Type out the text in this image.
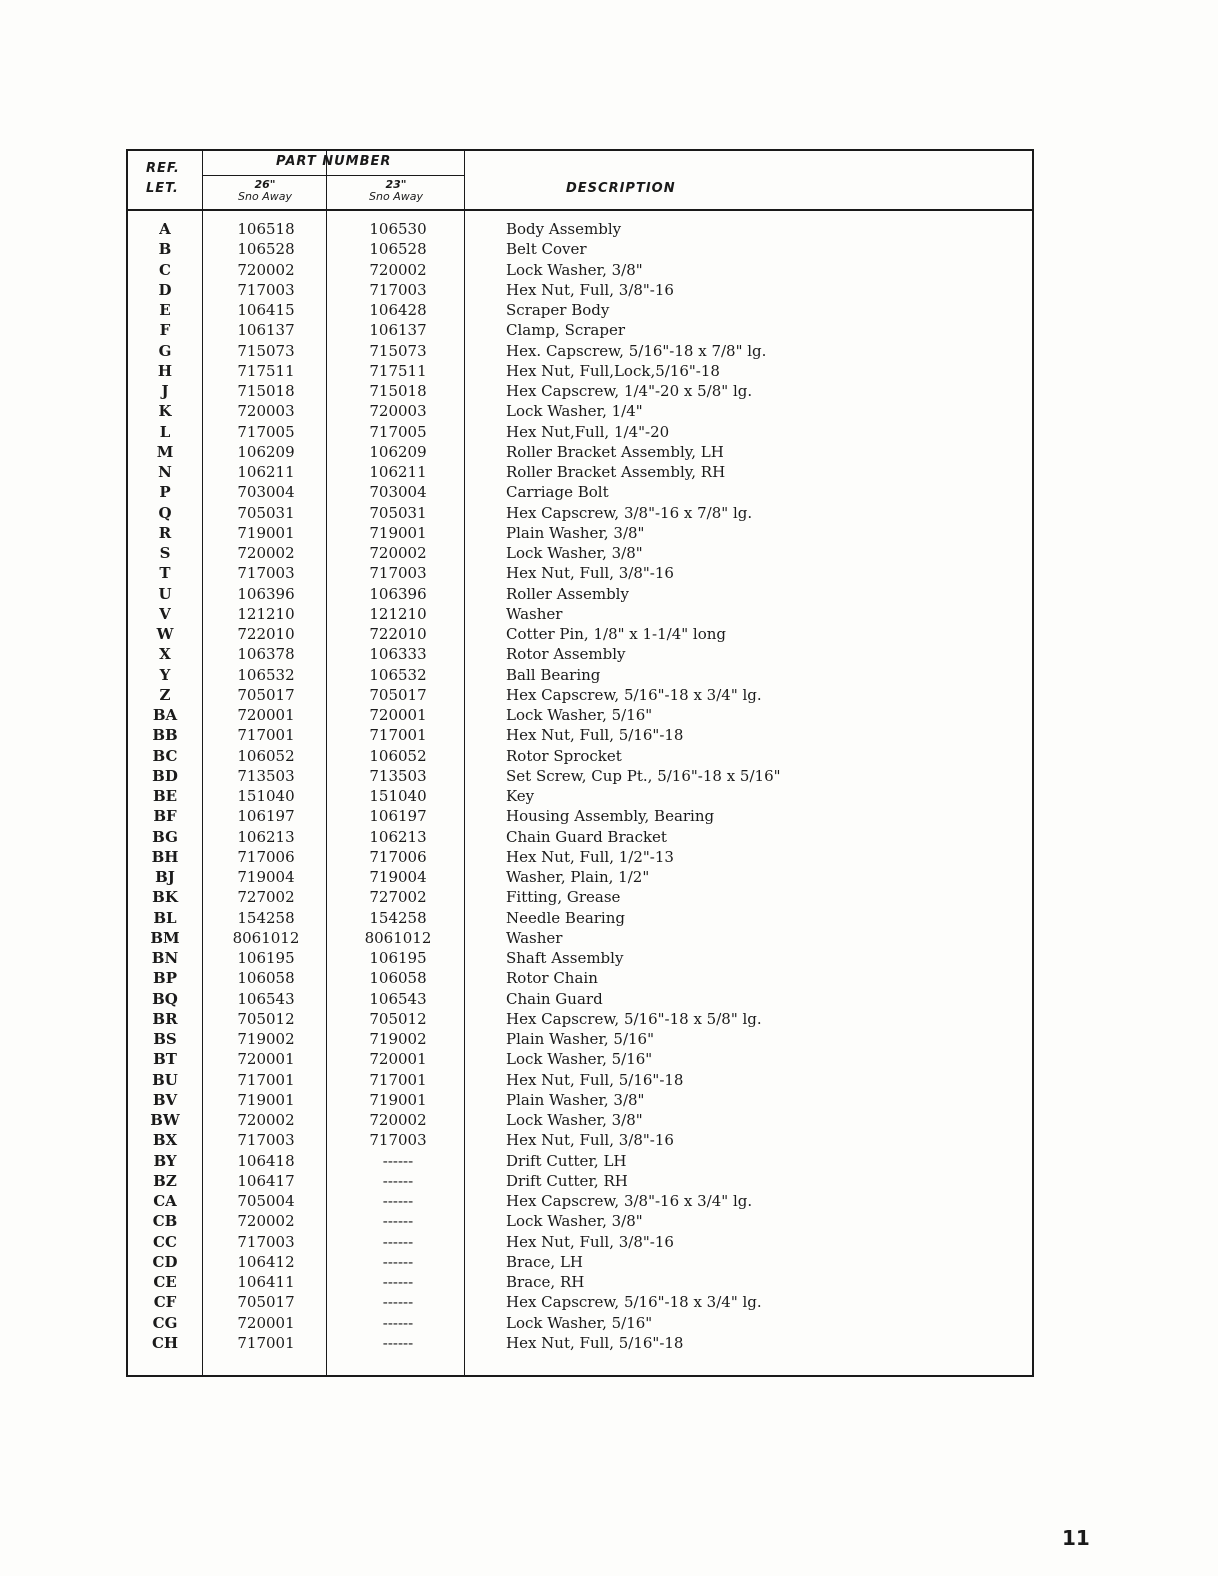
REF.
LET.
PART NUMBER
26"
Sno Away
23"
Sno Away
DESCRIPTION
A	106518	106530	Body Assembly
B	106528	106528	Belt Cover
C	720002	720002	Lock Washer, 3/8"
D	717003	717003	Hex Nut, Full, 3/8"-16
E	106415	106428	Scraper Body
F	106137	106137	Clamp, Scraper
G	715073	715073	Hex. Capscrew, 5/16"-18 x 7/8" lg.
H	717511	717511	Hex Nut, Full,Lock,5/16"-18
J	715018	715018	Hex Capscrew, 1/4"-20 x 5/8" lg.
K	720003	720003	Lock Washer, 1/4"
L	717005	717005	Hex Nut,Full, 1/4"-20
M	106209	106209	Roller Bracket Assembly, LH
N	106211	106211	Roller Bracket Assembly, RH
P	703004	703004	Carriage Bolt
Q	705031	705031	Hex Capscrew, 3/8"-16 x 7/8" lg.
R	719001	719001	Plain Washer, 3/8"
S	720002	720002	Lock Washer, 3/8"
T	717003	717003	Hex Nut, Full, 3/8"-16
U	106396	106396	Roller Assembly
V	121210	121210	Washer
W	722010	722010	Cotter Pin, 1/8" x 1-1/4" long
X	106378	106333	Rotor Assembly
Y	106532	106532	Ball Bearing
Z	705017	705017	Hex Capscrew, 5/16"-18 x 3/4" lg.
BA	720001	720001	Lock Washer, 5/16"
BB	717001	717001	Hex Nut, Full, 5/16"-18
BC	106052	106052	Rotor Sprocket
BD	713503	713503	Set Screw, Cup Pt., 5/16"-18 x 5/16"
BE	151040	151040	Key
BF	106197	106197	Housing Assembly, Bearing
BG	106213	106213	Chain Guard Bracket
BH	717006	717006	Hex Nut, Full, 1/2"-13
BJ	719004	719004	Washer, Plain, 1/2"
BK	727002	727002	Fitting, Grease
BL	154258	154258	Needle Bearing
BM	8061012	8061012	Washer
BN	106195	106195	Shaft Assembly
BP	106058	106058	Rotor Chain
BQ	106543	106543	Chain Guard
BR	705012	705012	Hex Capscrew, 5/16"-18 x 5/8" lg.
BS	719002	719002	Plain Washer, 5/16"
BT	720001	720001	Lock Washer, 5/16"
BU	717001	717001	Hex Nut, Full, 5/16"-18
BV	719001	719001	Plain Washer, 3/8"
BW	720002	720002	Lock Washer, 3/8"
BX	717003	717003	Hex Nut, Full, 3/8"-16
BY	106418	------	Drift Cutter, LH
BZ	106417	------	Drift Cutter, RH
CA	705004	------	Hex Capscrew, 3/8"-16 x 3/4" lg.
CB	720002	------	Lock Washer, 3/8"
CC	717003	------	Hex Nut, Full, 3/8"-16
CD	106412	------	Brace, LH
CE	106411	------	Brace, RH
CF	705017	------	Hex Capscrew, 5/16"-18 x 3/4" lg.
CG	720001	------	Lock Washer, 5/16"
CH	717001	------	Hex Nut, Full, 5/16"-18
11
